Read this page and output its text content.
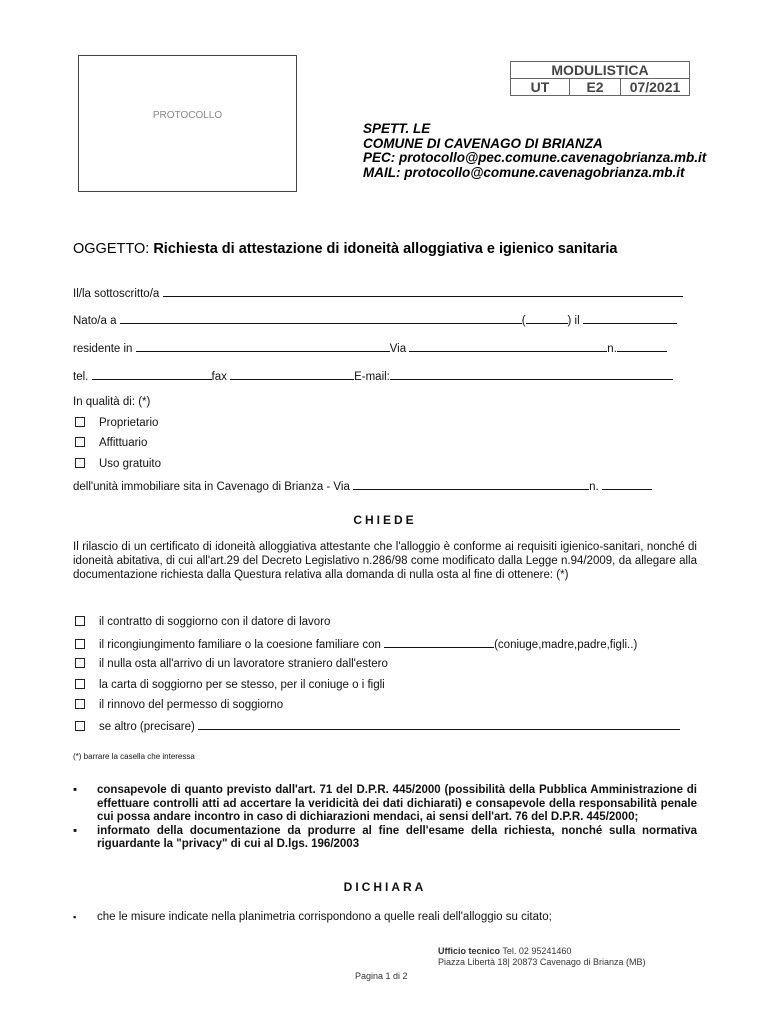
PROTOCOLLO
MODULISTICA
UT	E2	07/2021
SPETT. LE
COMUNE DI CAVENAGO DI BRIANZA
PEC: protocollo@pec.comune.cavenagobrianza.mb.it
MAIL: protocollo@comune.cavenagobrianza.mb.it
OGGETTO: Richiesta di attestazione di idoneità alloggiativa e igienico sanitaria
Il/la sottoscritto/a
Nato/a a	(	) il
residente in	Via	n.
tel.	fax	E-mail:
In qualità di: (*)
Proprietario
Affittuario
Uso gratuito
dell'unità immobiliare sita in Cavenago di Brianza - Via	n.
CHIEDE
Il rilascio di un certificato di idoneità alloggiativa attestante che l'alloggio è conforme ai requisiti igienico-sanitari, nonché di idoneità abitativa, di cui all'art.29 del Decreto Legislativo n.286/98 come modificato dalla Legge n.94/2009, da allegare alla documentazione richiesta dalla Questura relativa alla domanda di nulla osta al fine di ottenere: (*)
il contratto di soggiorno con il datore di lavoro
il ricongiungimento familiare o la coesione familiare con	(coniuge,madre,padre,figli..)
il nulla osta all'arrivo di un lavoratore straniero dall'estero
la carta di soggiorno per se stesso, per il coniuge o i figli
il rinnovo del permesso di soggiorno
se altro (precisare)
(*) barrare la casella che interessa
▪	consapevole di quanto previsto dall'art. 71 del D.P.R. 445/2000 (possibilità della Pubblica Amministrazione di effettuare controlli atti ad accertare la veridicità dei dati dichiarati) e consapevole della responsabilità penale cui possa andare incontro in caso di dichiarazioni mendaci, ai sensi dell'art. 76 del D.P.R. 445/2000;
▪	informato della documentazione da produrre al fine dell'esame della richiesta, nonché sulla normativa riguardante la "privacy" di cui al D.lgs. 196/2003
DICHIARA
▪ che le misure indicate nella planimetria corrispondono a quelle reali dell'alloggio su citato;
Ufficio tecnico Tel. 02 95241460
Piazza Libertà 18| 20873 Cavenago di Brianza (MB)
Pagina 1 di 2
